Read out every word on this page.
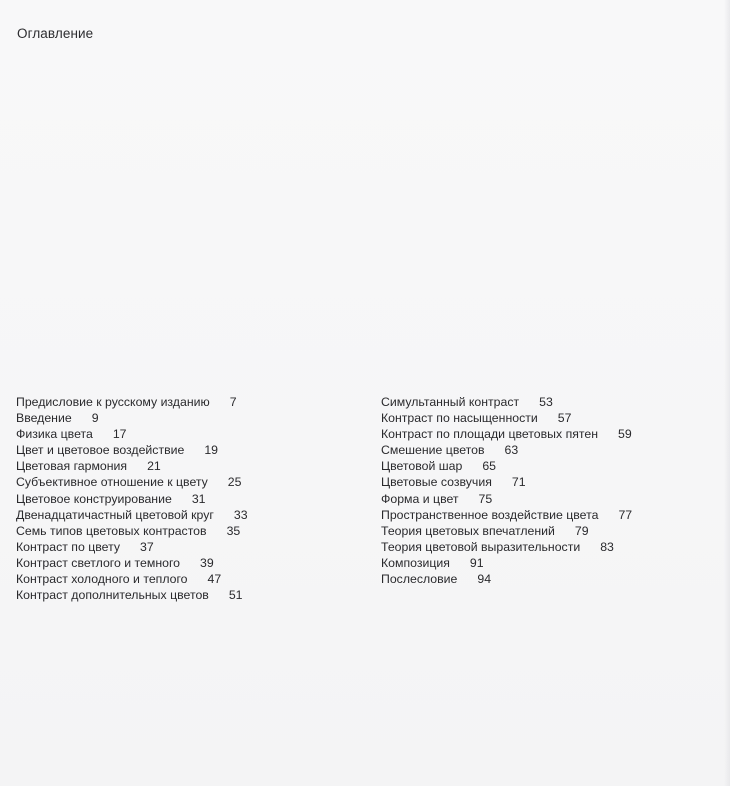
Оглавление
Предисловие к русскому изданию 7
Введение 9
Физика цвета 17
Цвет и цветовое воздействие 19
Цветовая гармония 21
Субъективное отношение к цвету 25
Цветовое конструирование 31
Двенадцатичастный цветовой круг 33
Семь типов цветовых контрастов 35
Контраст по цвету 37
Контраст светлого и темного 39
Контраст холодного и теплого 47
Контраст дополнительных цветов 51
Симультанный контраст 53
Контраст по насыщенности 57
Контраст по площади цветовых пятен 59
Смешение цветов 63
Цветовой шар 65
Цветовые созвучия 71
Форма и цвет 75
Пространственное воздействие цвета 77
Теория цветовых впечатлений 79
Теория цветовой выразительности 83
Композиция 91
Послесловие 94
